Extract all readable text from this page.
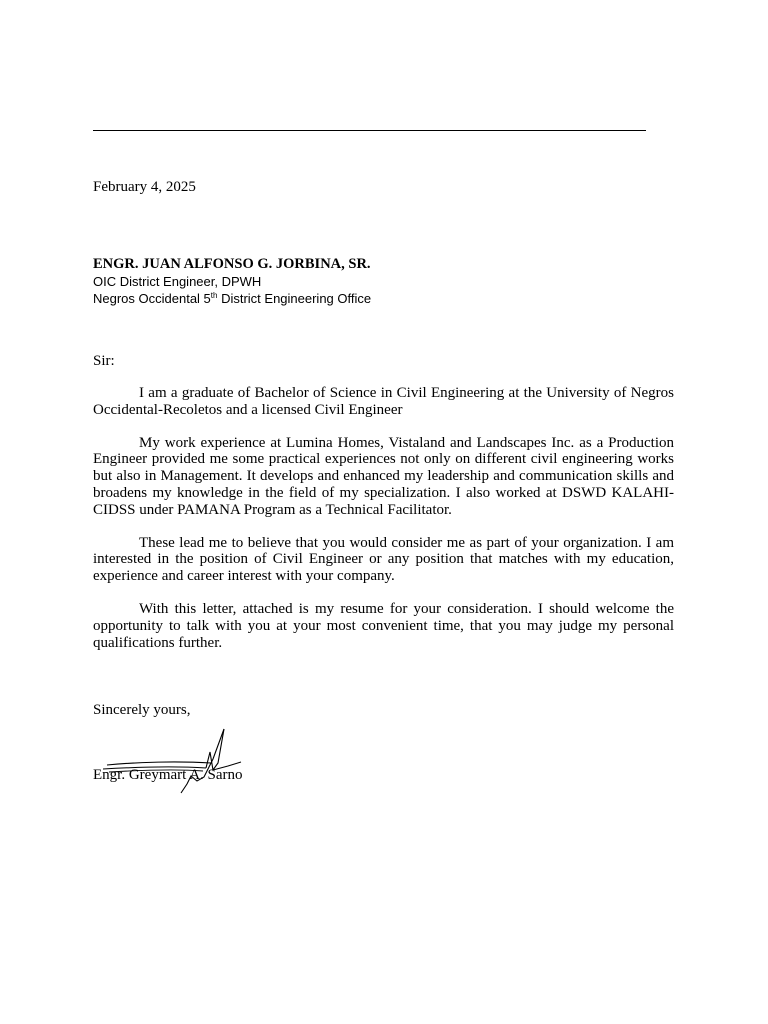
February 4, 2025
ENGR. JUAN ALFONSO G. JORBINA, SR.
OIC District Engineer, DPWH
Negros Occidental 5th District Engineering Office
Sir:

I am a graduate of Bachelor of Science in Civil Engineering at the University of Negros Occidental-Recoletos and a licensed Civil Engineer

My work experience at Lumina Homes, Vistaland and Landscapes Inc. as a Production Engineer provided me some practical experiences not only on different civil engineering works but also in Management. It develops and enhanced my leadership and communication skills and broadens my knowledge in the field of my specialization. I also worked at DSWD KALAHI-CIDSS under PAMANA Program as a Technical Facilitator.

These lead me to believe that you would consider me as part of your organization. I am interested in the position of Civil Engineer or any position that matches with my education, experience and career interest with your company.

With this letter, attached is my resume for your consideration. I should welcome the opportunity to talk with you at your most convenient time, that you may judge my personal qualifications further.

Sincerely yours,
Engr. Greymart A. Sarno
